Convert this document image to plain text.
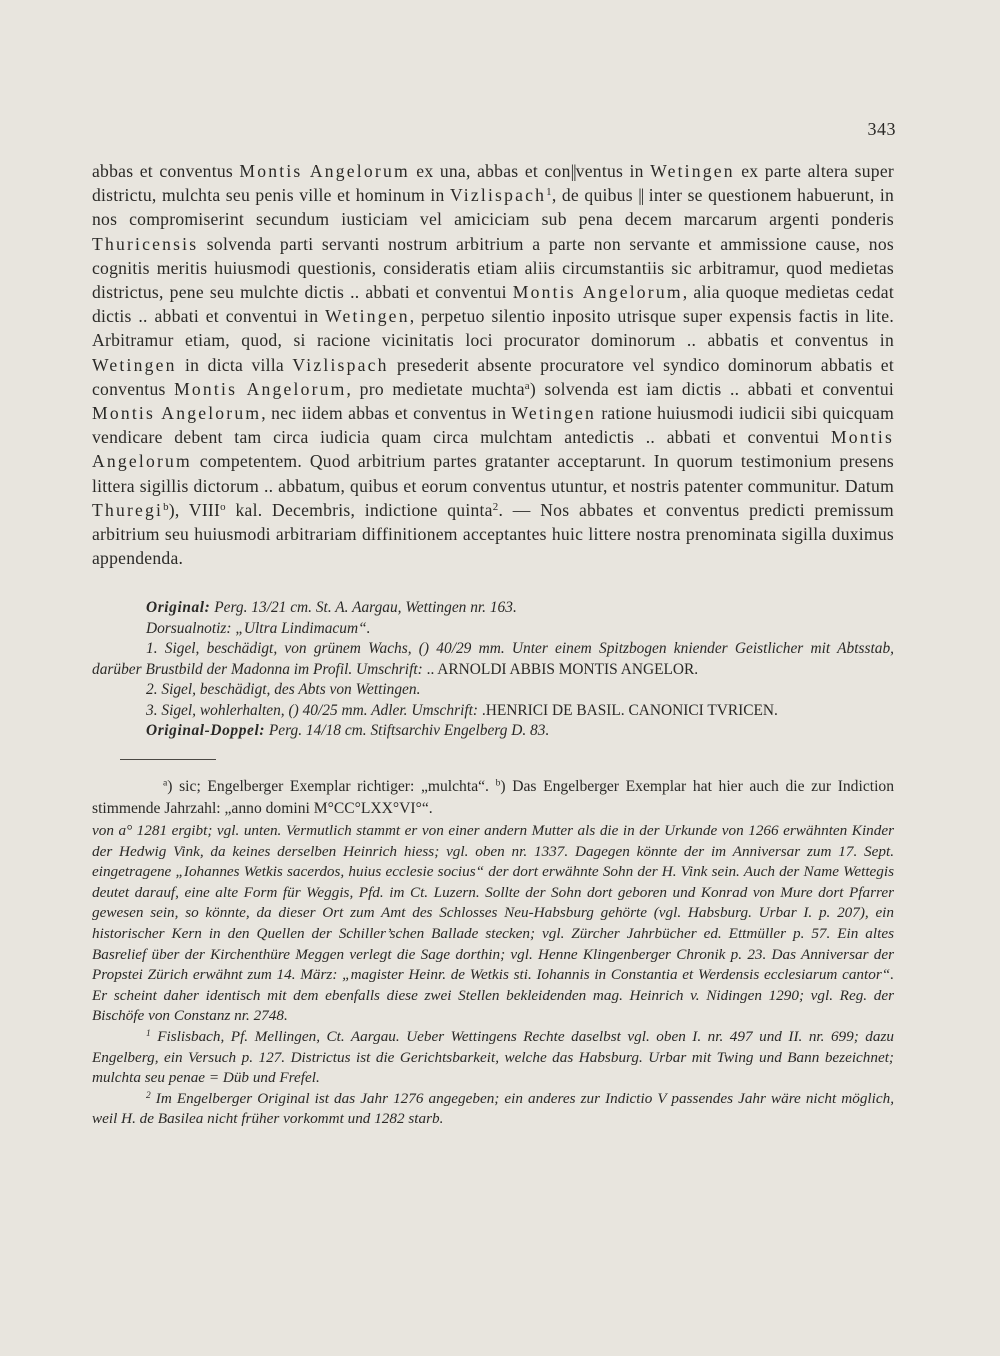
343

abbas et conventus Montis Angelorum ex una, abbas et con||ventus in Wetingen ex parte altera super districtu, mulchta seu penis ville et hominum in Vizlispach$^1$, de quibus || inter se questionem habuerunt, in nos compromiserint secundum iusticiam vel amiciciam sub pena decem marcarum argenti ponderis Thuricensis solvenda parti servanti nostrum arbitrium a parte non servante et ammissione cause, nos cognitis meritis huiusmodi questionis, consideratis etiam aliis circumstantiis sic arbitramur, quod medietas districtus, pene seu mulchte dictis .. abbati et conventui Montis Angelorum, alia quoque medietas cedat dictis .. abbati et conventui in Wetingen, perpetuo silentio inposito utrisque super expensis factis in lite. Arbitramur etiam, quod, si racione vicinitatis loci procurator dominorum .. abbatis et conventus in Wetingen in dicta villa Vizlispach presederit absente procuratore vel syndico dominorum abbatis et conventus Montis Angelorum, pro medietate muchta$^a$) solvenda est iam dictis .. abbati et conventui Montis Angelorum, nec iidem abbas et conventus in Wetingen ratione huiusmodi iudicii sibi quicquam vendicare debent tam circa iudicia quam circa mulchtam antedictis .. abbati et conventui Montis Angelorum competentem. Quod arbitrium partes gratanter acceptarunt. In quorum testimonium presens littera sigillis dictorum .. abbatum, quibus et eorum conventus utuntur, et nostris patenter communitur. Datum Thuregi$^b$), VIII$^o$ kal. Decembris, indictione quinta$^2$. — Nos abbates et conventus predicti premissum arbitrium seu huiusmodi arbitrariam diffinitionem acceptantes huic littere nostra prenominata sigilla duximus appendenda.

Original: Perg. 13/21 cm. St. A. Aargau, Wettingen nr. 163.

Dorsualnotiz: „Ultra Lindimacum“.

1. Sigel, beschädigt, von grünem Wachs, () 40/29 mm. Unter einem Spitzbogen kniender Geistlicher mit Abtsstab, darüber Brustbild der Madonna im Profil. Umschrift: .. ARNOLDI ABBIS MONTIS ANGELOR.

2. Sigel, beschädigt, des Abts von Wettingen.

3. Sigel, wohlerhalten, () 40/25 mm. Adler. Umschrift: .HENRICI DE BASIL. CANONICI TVRICEN.

Original-Doppel: Perg. 14/18 cm. Stiftsarchiv Engelberg D. 83.

$^a$) sic; Engelberger Exemplar richtiger: „mulchta“. $^b$) Das Engelberger Exemplar hat hier auch die zur Indiction stimmende Jahrzahl: „anno domini M°CC°LXX°VI°“.

von a° 1281 ergibt; vgl. unten. Vermutlich stammt er von einer andern Mutter als die in der Urkunde von 1266 erwähnten Kinder der Hedwig Vink, da keines derselben Heinrich hiess; vgl. oben nr. 1337. Dagegen könnte der im Anniversar zum 17. Sept. eingetragene „Iohannes Wetkis sacerdos, huius ecclesie socius“ der dort erwähnte Sohn der H. Vink sein. Auch der Name Wettegis deutet darauf, eine alte Form für Weggis, Pfd. im Ct. Luzern. Sollte der Sohn dort geboren und Konrad von Mure dort Pfarrer gewesen sein, so könnte, da dieser Ort zum Amt des Schlosses Neu-Habsburg gehörte (vgl. Habsburg. Urbar I. p. 207), ein historischer Kern in den Quellen der Schiller’schen Ballade stecken; vgl. Zürcher Jahrbücher ed. Ettmüller p. 57. Ein altes Basrelief über der Kirchenthüre Meggen verlegt die Sage dorthin; vgl. Henne Klingenberger Chronik p. 23. Das Anniversar der Propstei Zürich erwähnt zum 14. März: „magister Heinr. de Wetkis sti. Iohannis in Constantia et Werdensis ecclesiarum cantor“. Er scheint daher identisch mit dem ebenfalls diese zwei Stellen bekleidenden mag. Heinrich v. Nidingen 1290; vgl. Reg. der Bischöfe von Constanz nr. 2748.

$^1$ Fislisbach, Pf. Mellingen, Ct. Aargau. Ueber Wettingens Rechte daselbst vgl. oben I. nr. 497 und II. nr. 699; dazu Engelberg, ein Versuch p. 127. Districtus ist die Gerichtsbarkeit, welche das Habsburg. Urbar mit Twing und Bann bezeichnet; mulchta seu penae = Düb und Frefel.

$^2$ Im Engelberger Original ist das Jahr 1276 angegeben; ein anderes zur Indictio V passendes Jahr wäre nicht möglich, weil H. de Basilea nicht früher vorkommt und 1282 starb.
